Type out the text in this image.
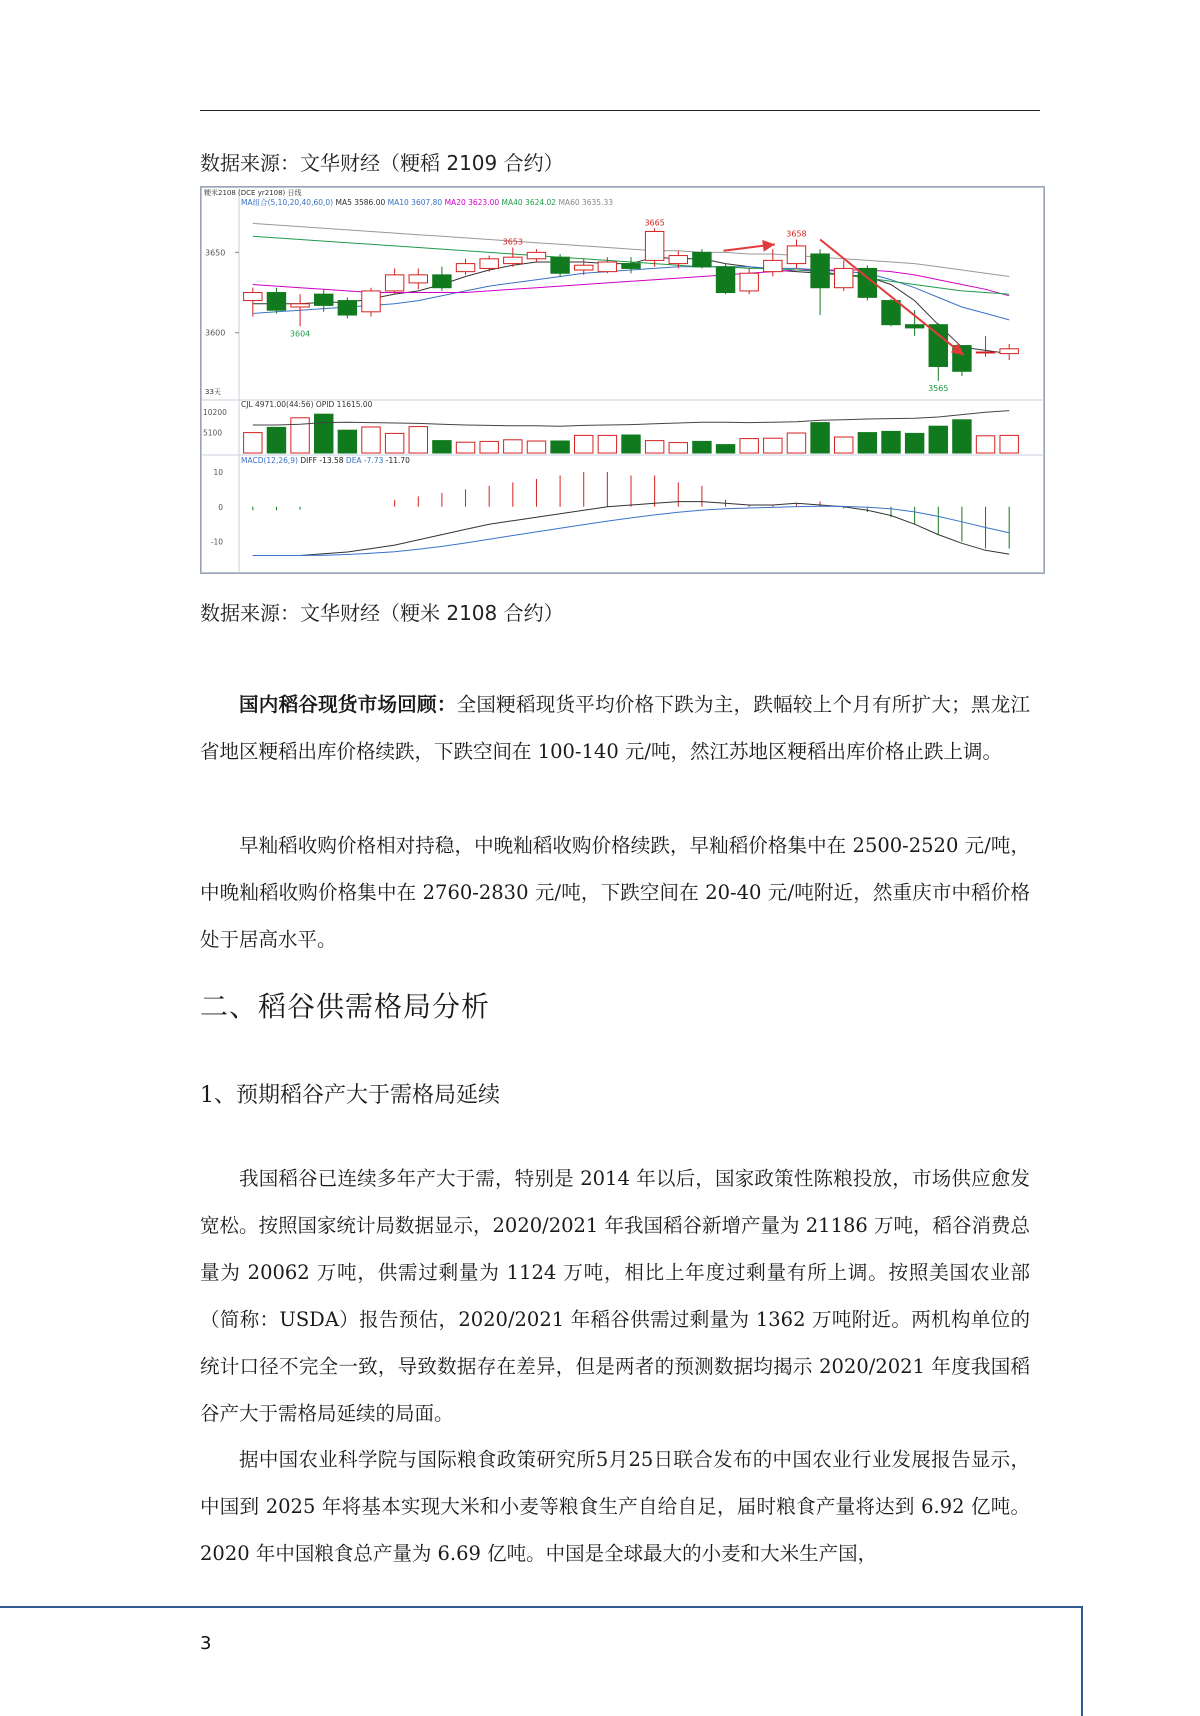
数据来源：文华财经（粳稻 2109 合约）
粳米2108 (DCE yr2108) 日线
MA组合(5,10,20,40,60,0) MA5 3586.00 MA10 3607.80 MA20 3623.00 MA40 3624.02 MA60 3635.33
3650
3600
3653
3665
3658
3604
3565
33天
CJL 4971.00(44:56) OPID 11615.00
10200
5100
MACD(12,26,9) DIFF -13.58 DEA -7.73 -11.70
10
0
-10
数据来源：文华财经（粳米 2108 合约）

国内稻谷现货市场回顾：全国粳稻现货平均价格下跌为主，跌幅较上个月有所扩大；黑龙江省地区粳稻出库价格续跌，下跌空间在 100-140 元/吨，然江苏地区粳稻出库价格止跌上调。

早籼稻收购价格相对持稳，中晚籼稻收购价格续跌，早籼稻价格集中在 2500-2520 元/吨，中晚籼稻收购价格集中在 2760-2830 元/吨，下跌空间在 20-40 元/吨附近，然重庆市中稻价格处于居高水平。

二、稻谷供需格局分析
1、预期稻谷产大于需格局延续

我国稻谷已连续多年产大于需，特别是 2014 年以后，国家政策性陈粮投放，市场供应愈发宽松。按照国家统计局数据显示，2020/2021 年我国稻谷新增产量为 21186 万吨，稻谷消费总量为 20062 万吨，供需过剩量为 1124 万吨，相比上年度过剩量有所上调。按照美国农业部（简称：USDA）报告预估，2020/2021 年稻谷供需过剩量为 1362 万吨附近。两机构单位的统计口径不完全一致，导致数据存在差异，但是两者的预测数据均揭示 2020/2021 年度我国稻谷产大于需格局延续的局面。

据中国农业科学院与国际粮食政策研究所5月25日联合发布的中国农业行业发展报告显示，中国到 2025 年将基本实现大米和小麦等粮食生产自给自足，届时粮食产量将达到 6.92 亿吨。2020 年中国粮食总产量为 6.69 亿吨。中国是全球最大的小麦和大米生产国，

3
